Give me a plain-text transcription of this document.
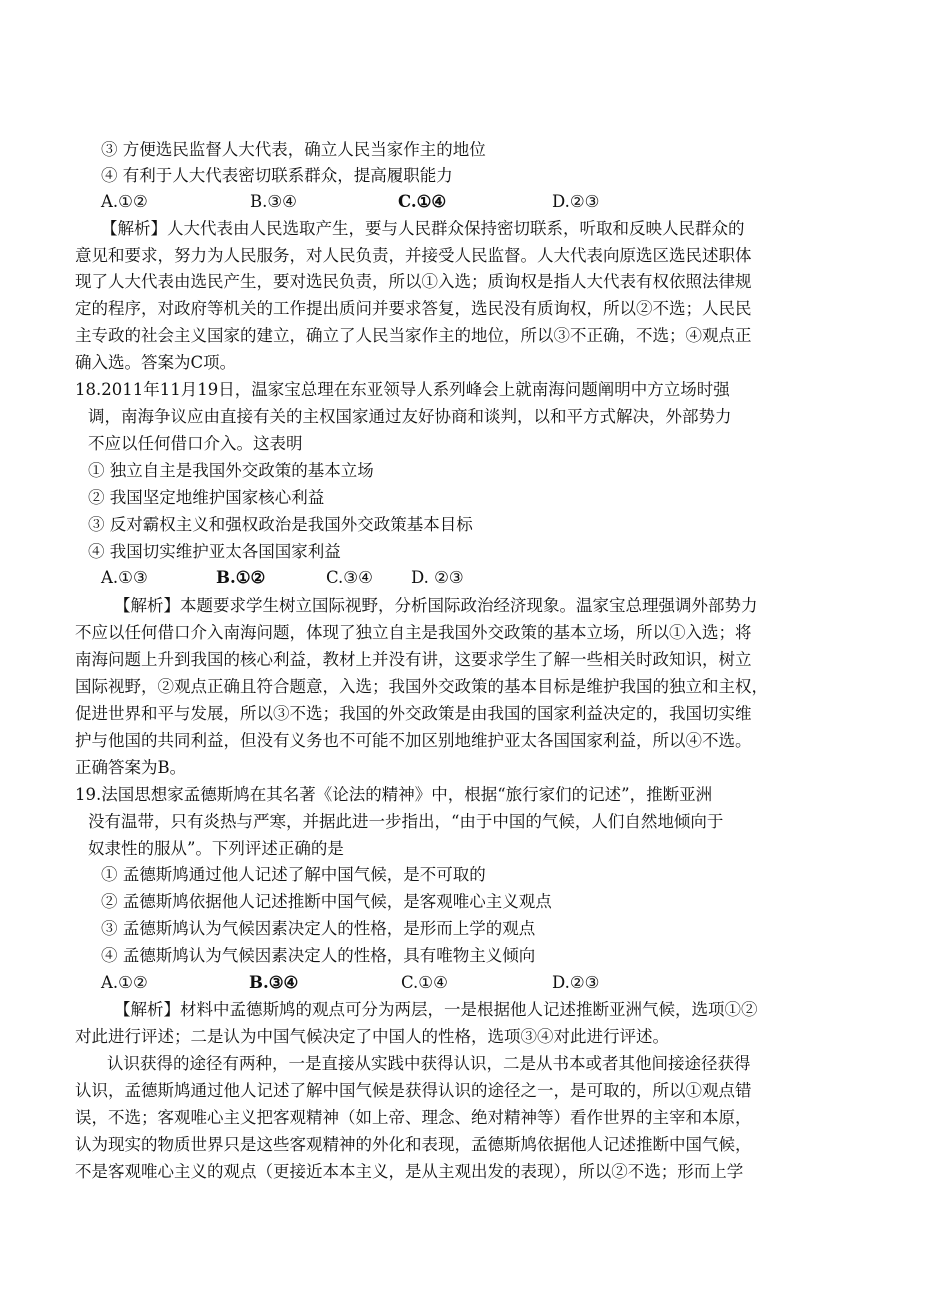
③ 方便选民监督人大代表，确立人民当家作主的地位
④ 有利于人大代表密切联系群众，提高履职能力
A.①②	B.③④	C.①④	D.②③
【解析】人大代表由人民选取产生，要与人民群众保持密切联系，听取和反映人民群众的
意见和要求，努力为人民服务，对人民负责，并接受人民监督。人大代表向原选区选民述职体
现了人大代表由选民产生，要对选民负责，所以①入选；质询权是指人大代表有权依照法律规
定的程序，对政府等机关的工作提出质问并要求答复，选民没有质询权，所以②不选；人民民
主专政的社会主义国家的建立，确立了人民当家作主的地位，所以③不正确，不选；④观点正
确入选。答案为C项。
18.2011年11月19日，温家宝总理在东亚领导人系列峰会上就南海问题阐明中方立场时强
调，南海争议应由直接有关的主权国家通过友好协商和谈判，以和平方式解决，外部势力
不应以任何借口介入。这表明
① 独立自主是我国外交政策的基本立场
② 我国坚定地维护国家核心利益
③ 反对霸权主义和强权政治是我国外交政策基本目标
④ 我国切实维护亚太各国国家利益
A.①③	B.①②	C.③④ D. ②③
【解析】本题要求学生树立国际视野，分析国际政治经济现象。温家宝总理强调外部势力
不应以任何借口介入南海问题，体现了独立自主是我国外交政策的基本立场，所以①入选；将
南海问题上升到我国的核心利益，教材上并没有讲，这要求学生了解一些相关时政知识，树立
国际视野，②观点正确且符合题意，入选；我国外交政策的基本目标是维护我国的独立和主权，
促进世界和平与发展，所以③不选；我国的外交政策是由我国的国家利益决定的，我国切实维
护与他国的共同利益，但没有义务也不可能不加区别地维护亚太各国国家利益，所以④不选。
正确答案为B。
19.法国思想家孟德斯鸠在其名著《论法的精神》中，根据“旅行家们的记述”，推断亚洲
没有温带，只有炎热与严寒，并据此进一步指出，“由于中国的气候，人们自然地倾向于
奴隶性的服从”。下列评述正确的是
① 孟德斯鸠通过他人记述了解中国气候，是不可取的
② 孟德斯鸠依据他人记述推断中国气候，是客观唯心主义观点
③ 孟德斯鸠认为气候因素决定人的性格，是形而上学的观点
④ 孟德斯鸠认为气候因素决定人的性格，具有唯物主义倾向
A.①②	B.③④	C.①④	D.②③
【解析】材料中孟德斯鸠的观点可分为两层，一是根据他人记述推断亚洲气候，选项①②
对此进行评述；二是认为中国气候决定了中国人的性格，选项③④对此进行评述。
认识获得的途径有两种，一是直接从实践中获得认识，二是从书本或者其他间接途径获得
认识，孟德斯鸠通过他人记述了解中国气候是获得认识的途径之一，是可取的，所以①观点错
误，不选；客观唯心主义把客观精神（如上帝、理念、绝对精神等）看作世界的主宰和本原，
认为现实的物质世界只是这些客观精神的外化和表现，孟德斯鸠依据他人记述推断中国气候，
不是客观唯心主义的观点（更接近本本主义，是从主观出发的表现），所以②不选；形而上学
